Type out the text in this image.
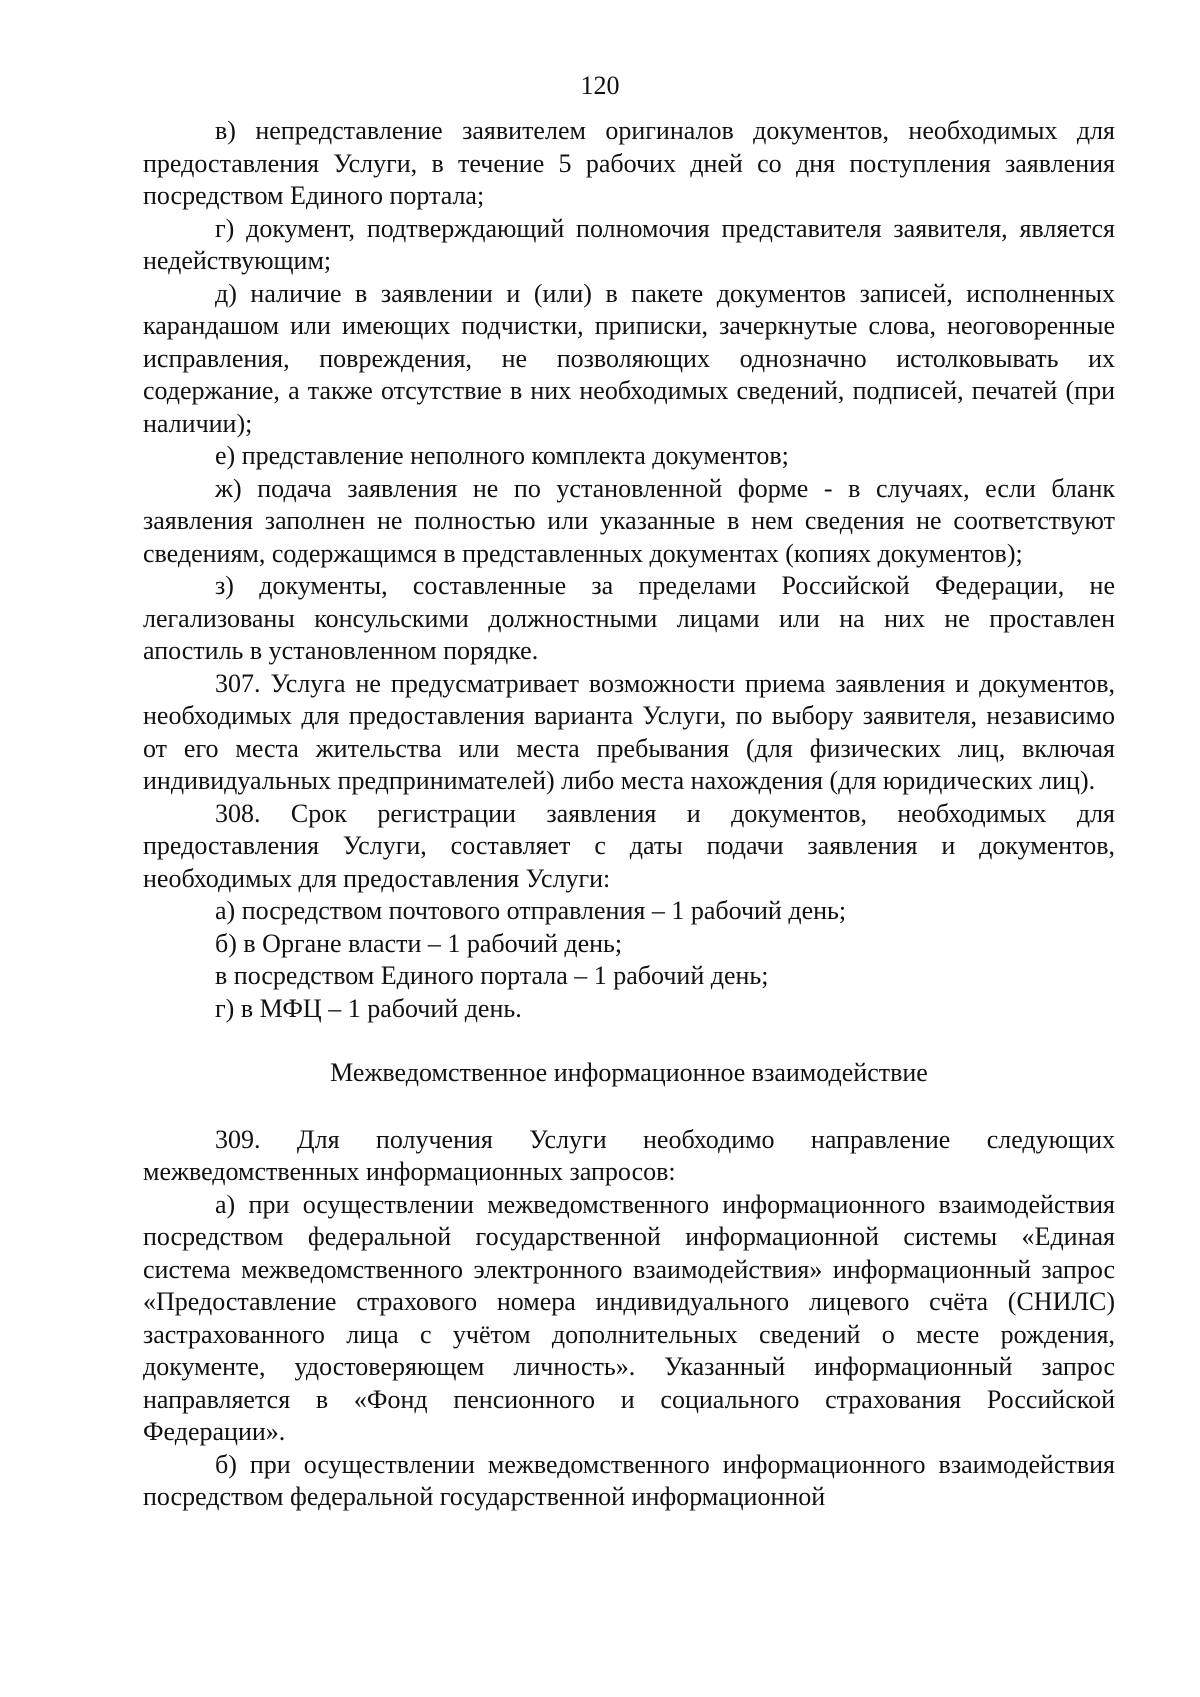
120

в) непредставление заявителем оригиналов документов, необходимых для предоставления Услуги, в течение 5 рабочих дней со дня поступления заявления посредством Единого портала;

г) документ, подтверждающий полномочия представителя заявителя, является недействующим;

д) наличие в заявлении и (или) в пакете документов записей, исполненных карандашом или имеющих подчистки, приписки, зачеркнутые слова, неоговоренные исправления, повреждения, не позволяющих однозначно истолковывать их содержание, а также отсутствие в них необходимых сведений, подписей, печатей (при наличии);

е) представление неполного комплекта документов;

ж) подача заявления не по установленной форме - в случаях, если бланк заявления заполнен не полностью или указанные в нем сведения не соответствуют сведениям, содержащимся в представленных документах (копиях документов);

з) документы, составленные за пределами Российской Федерации, не легализованы консульскими должностными лицами или на них не проставлен апостиль в установленном порядке.

307. Услуга не предусматривает возможности приема заявления и документов, необходимых для предоставления варианта Услуги, по выбору заявителя, независимо от его места жительства или места пребывания (для физических лиц, включая индивидуальных предпринимателей) либо места нахождения (для юридических лиц).

308. Срок регистрации заявления и документов, необходимых для предоставления Услуги, составляет с даты подачи заявления и документов, необходимых для предоставления Услуги:

а) посредством почтового отправления – 1 рабочий день;

б) в Органе власти – 1 рабочий день;

в посредством Единого портала – 1 рабочий день;

г) в МФЦ – 1 рабочий день.

Межведомственное информационное взаимодействие

309. Для получения Услуги необходимо направление следующих межведомственных информационных запросов:

а) при осуществлении межведомственного информационного взаимодействия посредством федеральной государственной информационной системы «Единая система межведомственного электронного взаимодействия» информационный запрос «Предоставление страхового номера индивидуального лицевого счёта (СНИЛС) застрахованного лица с учётом дополнительных сведений о месте рождения, документе, удостоверяющем личность». Указанный информационный запрос направляется в «Фонд пенсионного и социального страхования Российской Федерации».

б) при осуществлении межведомственного информационного взаимодействия посредством федеральной государственной информационной
